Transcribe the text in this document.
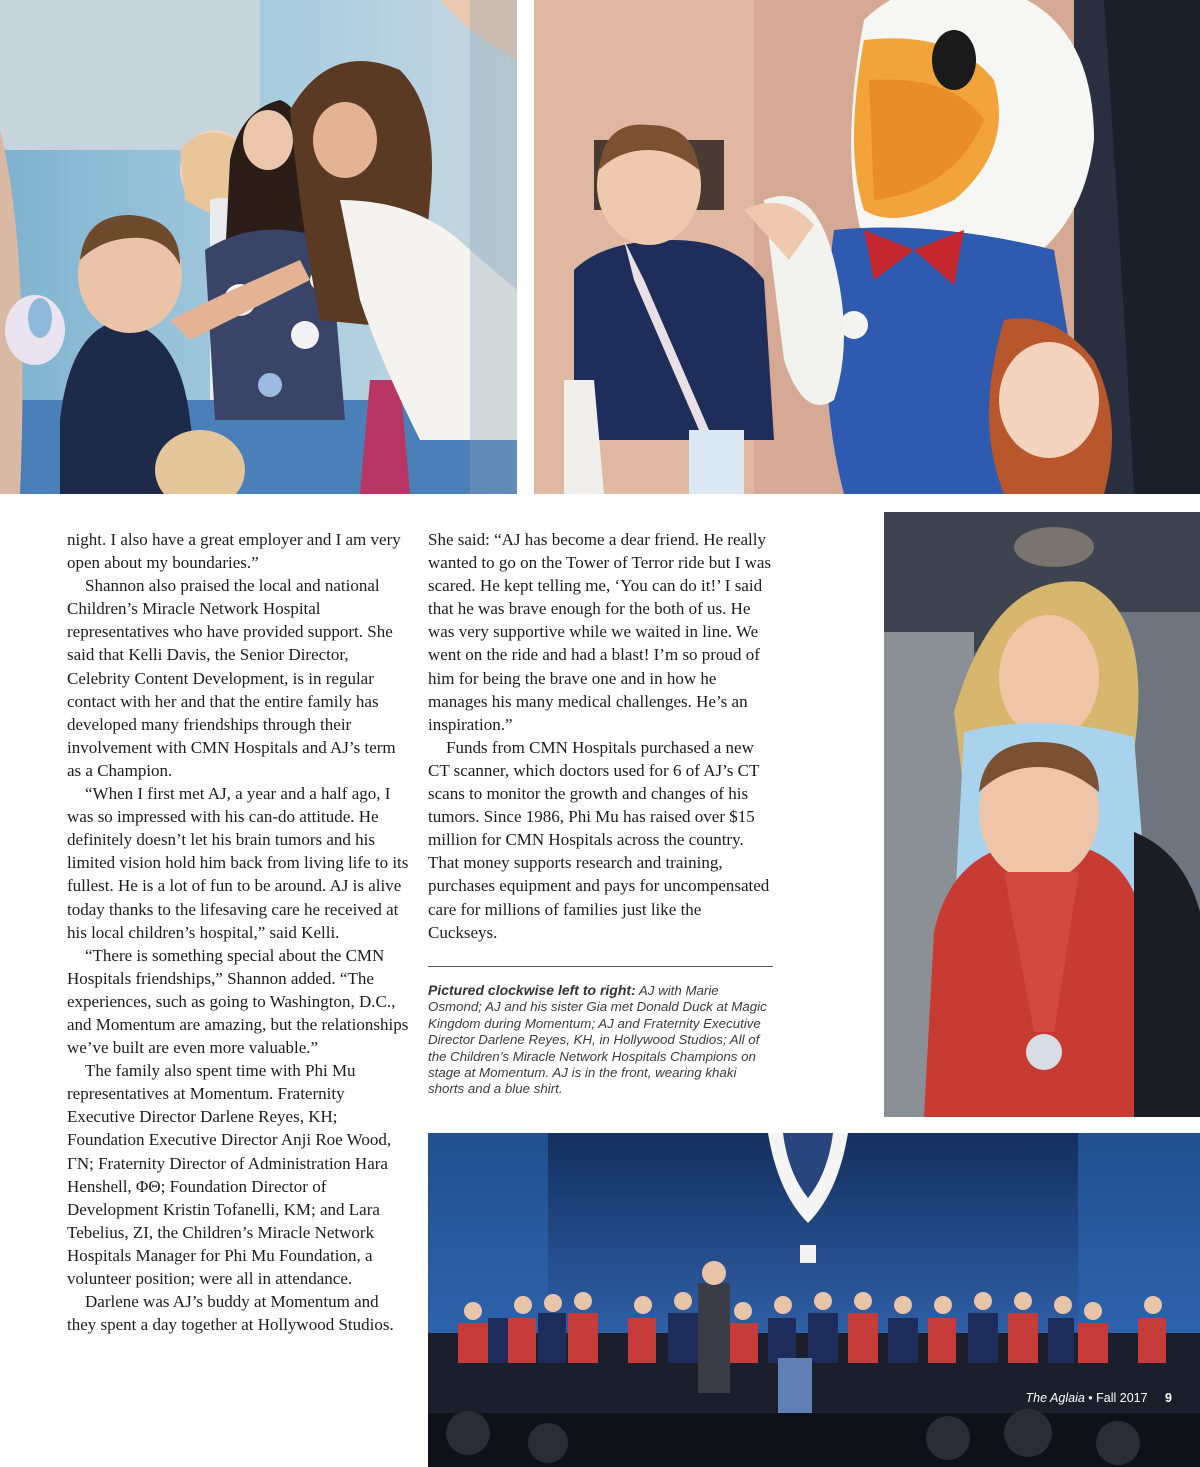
night. I also have a great employer and I am very open about my boundaries.”

Shannon also praised the local and national Children’s Miracle Network Hospital representatives who have provided support. She said that Kelli Davis, the Senior Director, Celebrity Content Development, is in regular contact with her and that the entire family has developed many friendships through their involvement with CMN Hospitals and AJ’s term as a Champion.

“When I first met AJ, a year and a half ago, I was so impressed with his can-do attitude. He definitely doesn’t let his brain tumors and his limited vision hold him back from living life to its fullest. He is a lot of fun to be around. AJ is alive today thanks to the lifesaving care he received at his local children’s hospital,” said Kelli.

“There is something special about the CMN Hospitals friendships,” Shannon added. “The experiences, such as going to Washington, D.C., and Momentum are amazing, but the relationships we’ve built are even more valuable.”

The family also spent time with Phi Mu representatives at Momentum. Fraternity Executive Director Darlene Reyes, KH; Foundation Executive Director Anji Roe Wood, ΓN; Fraternity Director of Administration Hara Henshell, ΦΘ; Foundation Director of Development Kristin Tofanelli, KM; and Lara Tebelius, ZI, the Children’s Miracle Network Hospitals Manager for Phi Mu Foundation, a volunteer position; were all in attendance.

Darlene was AJ’s buddy at Momentum and they spent a day together at Hollywood Studios.

She said: “AJ has become a dear friend. He really wanted to go on the Tower of Terror ride but I was scared. He kept telling me, ‘You can do it!’ I said that he was brave enough for the both of us. He was very supportive while we waited in line. We went on the ride and had a blast! I’m so proud of him for being the brave one and in how he manages his many medical challenges. He’s an inspiration.”

Funds from CMN Hospitals purchased a new CT scanner, which doctors used for 6 of AJ’s CT scans to monitor the growth and changes of his tumors. Since 1986, Phi Mu has raised over $15 million for CMN Hospitals across the country. That money supports research and training, purchases equipment and pays for uncompensated care for millions of families just like the Cuckseys.

Pictured clockwise left to right: AJ with Marie Osmond; AJ and his sister Gia met Donald Duck at Magic Kingdom during Momentum; AJ and Fraternity Executive Director Darlene Reyes, KH, in Hollywood Studios; All of the Children’s Miracle Network Hospitals Champions on stage at Momentum. AJ is in the front, wearing khaki shorts and a blue shirt.
The Aglaia • Fall 2017 9
